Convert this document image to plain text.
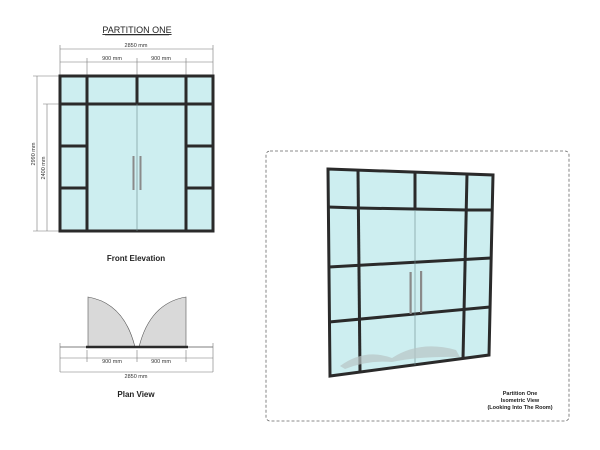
PARTITION ONE
2850 mm
900 mm	900 mm
2990 mm
2400 mm
Front Elevation
900 mm	900 mm
2850 mm
Plan View	Partition One
Isometric View
(Looking Into The Room)
